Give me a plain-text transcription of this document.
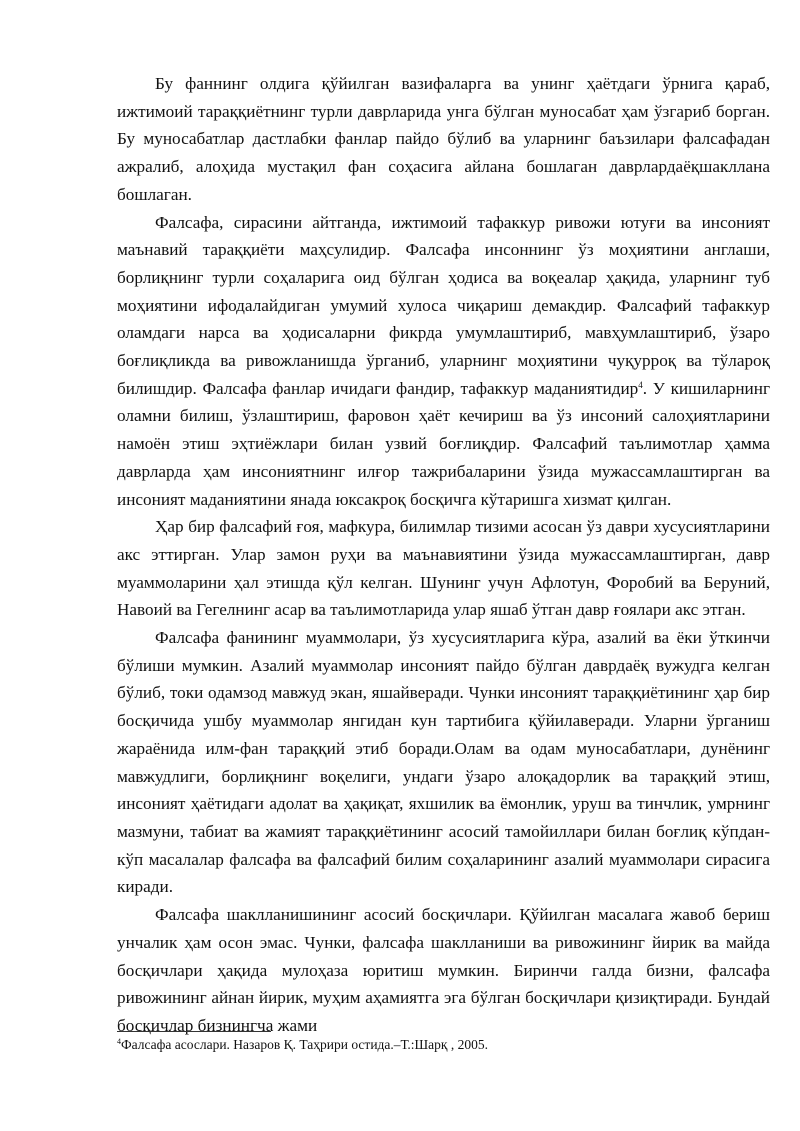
Бу фаннинг олдига қўйилган вазифаларга ва унинг ҳаётдаги ўрнига қараб, ижтимоий тараққиётнинг турли даврларида унга бўлган муносабат ҳам ўзгариб борган. Бу муносабатлар дастлабки фанлар пайдо бўлиб ва уларнинг баъзилари фалсафадан ажралиб, алоҳида мустақил фан соҳасига айлана бошлаган даврлардаёқшакллана бошлаган.

Фалсафа, сирасини айтганда, ижтимоий тафаккур ривожи ютуғи ва инсоният маънавий тараққиёти маҳсулидир. Фалсафа инсоннинг ўз моҳиятини англаши, борлиқнинг турли соҳаларига оид бўлган ҳодиса ва воқеалар ҳақида, уларнинг туб моҳиятини ифодалайдиган умумий хулоса чиқариш демакдир. Фалсафий тафаккур оламдаги нарса ва ҳодисаларни фикрда умумлаштириб, мавҳумлаштириб, ўзаро боғлиқликда ва ривожланишда ўрганиб, уларнинг моҳиятини чуқурроқ ва тўлароқ билишдир. Фалсафа фанлар ичидаги фандир, тафаккур маданиятидир$^4$. У кишиларнинг оламни билиш, ўзлаштириш, фаровон ҳаёт кечириш ва ўз инсоний салоҳиятларини намоён этиш эҳтиёжлари билан узвий боғлиқдир. Фалсафий таълимотлар ҳамма даврларда ҳам инсониятнинг илғор тажрибаларини ўзида мужассамлаштирган ва инсоният маданиятини янада юксакроқ босқичга кўтаришга хизмат қилган.

Ҳар бир фалсафий ғоя, мафкура, билимлар тизими асосан ўз даври хусусиятларини акс эттирган. Улар замон руҳи ва маънавиятини ўзида мужассамлаштирган, давр муаммоларини ҳал этишда қўл келган. Шунинг учун Афлотун, Форобий ва Беруний, Навоий ва Гегелнинг асар ва таълимотларида улар яшаб ўтган давр ғоялари акс этган.

Фалсафа фанининг муаммолари, ўз хусусиятларига кўра, азалий ва ёки ўткинчи бўлиши мумкин. Азалий муаммолар инсоният пайдо бўлган даврдаёқ вужудга келган бўлиб, токи одамзод мавжуд экан, яшайверади. Чунки инсоният тараққиётининг ҳар бир босқичида ушбу муаммолар янгидан кун тартибига қўйилаверади. Уларни ўрганиш жараёнида илм-фан тараққий этиб боради.Олам ва одам муносабатлари, дунёнинг мавжудлиги, борлиқнинг воқелиги, ундаги ўзаро алоқадорлик ва тараққий этиш, инсоният ҳаётидаги адолат ва ҳақиқат, яхшилик ва ёмонлик, уруш ва тинчлик, умрнинг мазмуни, табиат ва жамият тараққиётининг асосий тамойиллари билан боғлиқ кўпдан-кўп масалалар фалсафа ва фалсафий билим соҳаларининг азалий муаммолари сирасига киради.

Фалсафа шаклланишининг асосий босқичлари. Қўйилган масалага жавоб бериш унчалик ҳам осон эмас. Чунки, фалсафа шаклланиши ва ривожининг йирик ва майда босқичлари ҳақида мулоҳаза юритиш мумкин. Биринчи галда бизни, фалсафа ривожининг айнан йирик, муҳим аҳамиятга эга бўлган босқичлари қизиқтиради. Бундай босқичлар бизнингча жами

$^4$Фалсафа асослари. Назаров Қ. Таҳрири остида.–Т.:Шарқ , 2005.
